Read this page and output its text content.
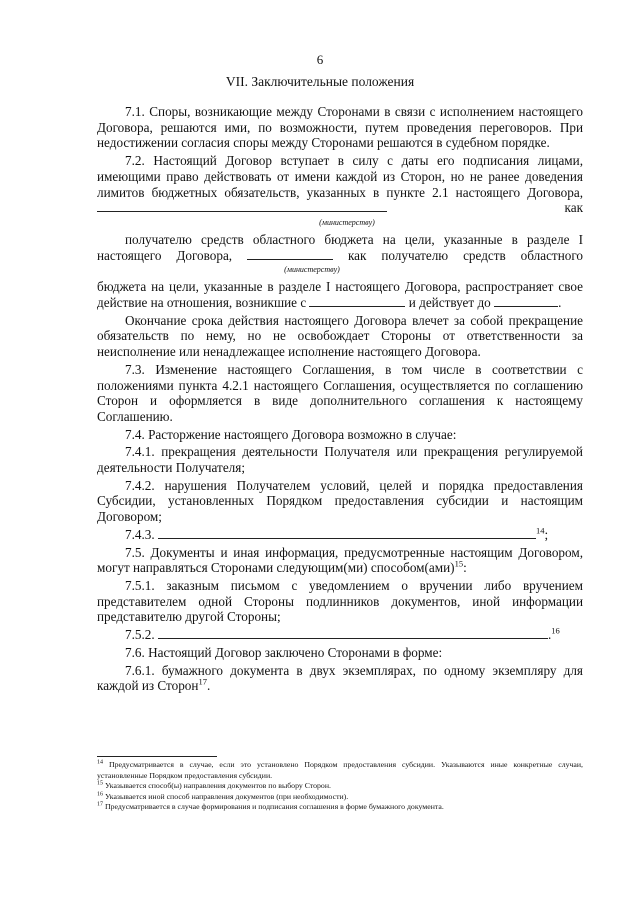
6
VII. Заключительные положения

7.1. Споры, возникающие между Сторонами в связи с исполнением настоящего Договора, решаются ими, по возможности, путем проведения переговоров. При недостижении согласия споры между Сторонами решаются в судебном порядке.

7.2. Настоящий Договор вступает в силу с даты его подписания лицами, имеющими право действовать от имени каждой из Сторон, но не ранее доведения лимитов бюджетных обязательств, указанных в пункте 2.1 настоящего Договора,  как

(министерству)

получателю средств областного бюджета на цели, указанные в разделе I настоящего Договора,	как получателю средств областного

(министерству)

бюджета на цели, указанные в разделе I настоящего Договора, распространяет свое действие на отношения, возникшие с	и действует до	.

Окончание срока действия настоящего Договора влечет за собой прекращение обязательств по нему, но не освобождает Стороны от ответственности за неисполнение или ненадлежащее исполнение настоящего Договора.

7.3. Изменение настоящего Соглашения, в том числе в соответствии с положениями пункта 4.2.1 настоящего Соглашения, осуществляется по соглашению Сторон и оформляется в виде дополнительного соглашения к настоящему Соглашению.

7.4. Расторжение настоящего Договора возможно в случае:

7.4.1. прекращения деятельности Получателя или прекращения регулируемой деятельности Получателя;

7.4.2. нарушения Получателем условий, целей и порядка предоставления Субсидии, установленных Порядком предоставления субсидии и настоящим Договором;

7.4.3.	$^{14}$;

7.5. Документы и иная информация, предусмотренные настоящим Договором, могут направляться Сторонами следующим(ми) способом(ами)$^{15}$:

7.5.1. заказным письмом с уведомлением о вручении либо вручением представителем одной Стороны подлинников документов, иной информации представителю другой Стороны;

7.5.2.	.$^{16}$

7.6. Настоящий Договор заключено Сторонами в форме:

7.6.1. бумажного документа в двух экземплярах, по одному экземпляру для каждой из Сторон$^{17}$.

$^{14}$ Предусматривается в случае, если это установлено Порядком предоставления субсидии. Указываются иные конкретные случаи, установленные Порядком предоставления субсидии.

$^{15}$ Указывается способ(ы) направления документов по выбору Сторон.

$^{16}$ Указывается иной способ направления документов (при необходимости).

$^{17}$ Предусматривается в случае формирования и подписания соглашения в форме бумажного документа.
